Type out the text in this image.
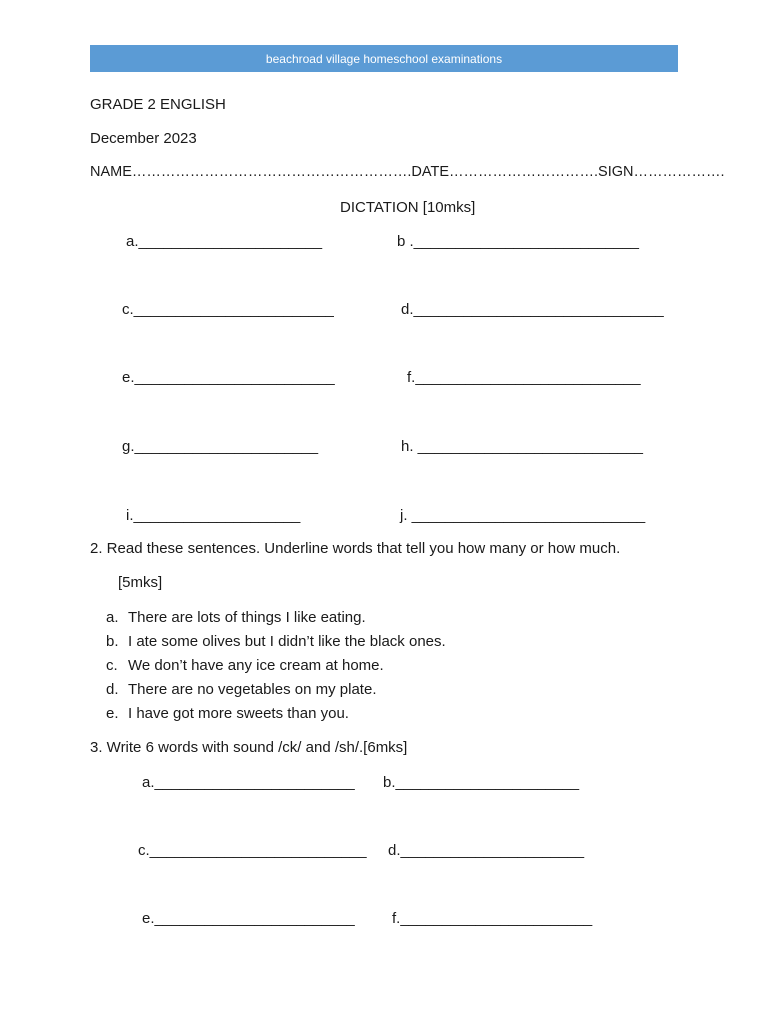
beachroad village homeschool examinations
GRADE 2 ENGLISH
December 2023
NAME………………………………………………….DATE………………………….SIGN……………….
DICTATION [10mks]
a.______________________	b .___________________________
c.________________________	d.______________________________
e.________________________	f.___________________________
g.______________________	h. ___________________________
i.____________________	j. ____________________________
2. Read these sentences. Underline words that tell you how many or how much.
[5mks]
a. There are lots of things I like eating.
b. I ate some olives but I didn’t like the black ones.
c. We don’t have any ice cream at home.
d. There are no vegetables on my plate.
e. I have got more sweets than you.
3. Write 6 words with sound /ck/ and /sh/.[6mks]
a.________________________ b.______________________
c.__________________________ d.______________________
e.________________________ f._______________________
